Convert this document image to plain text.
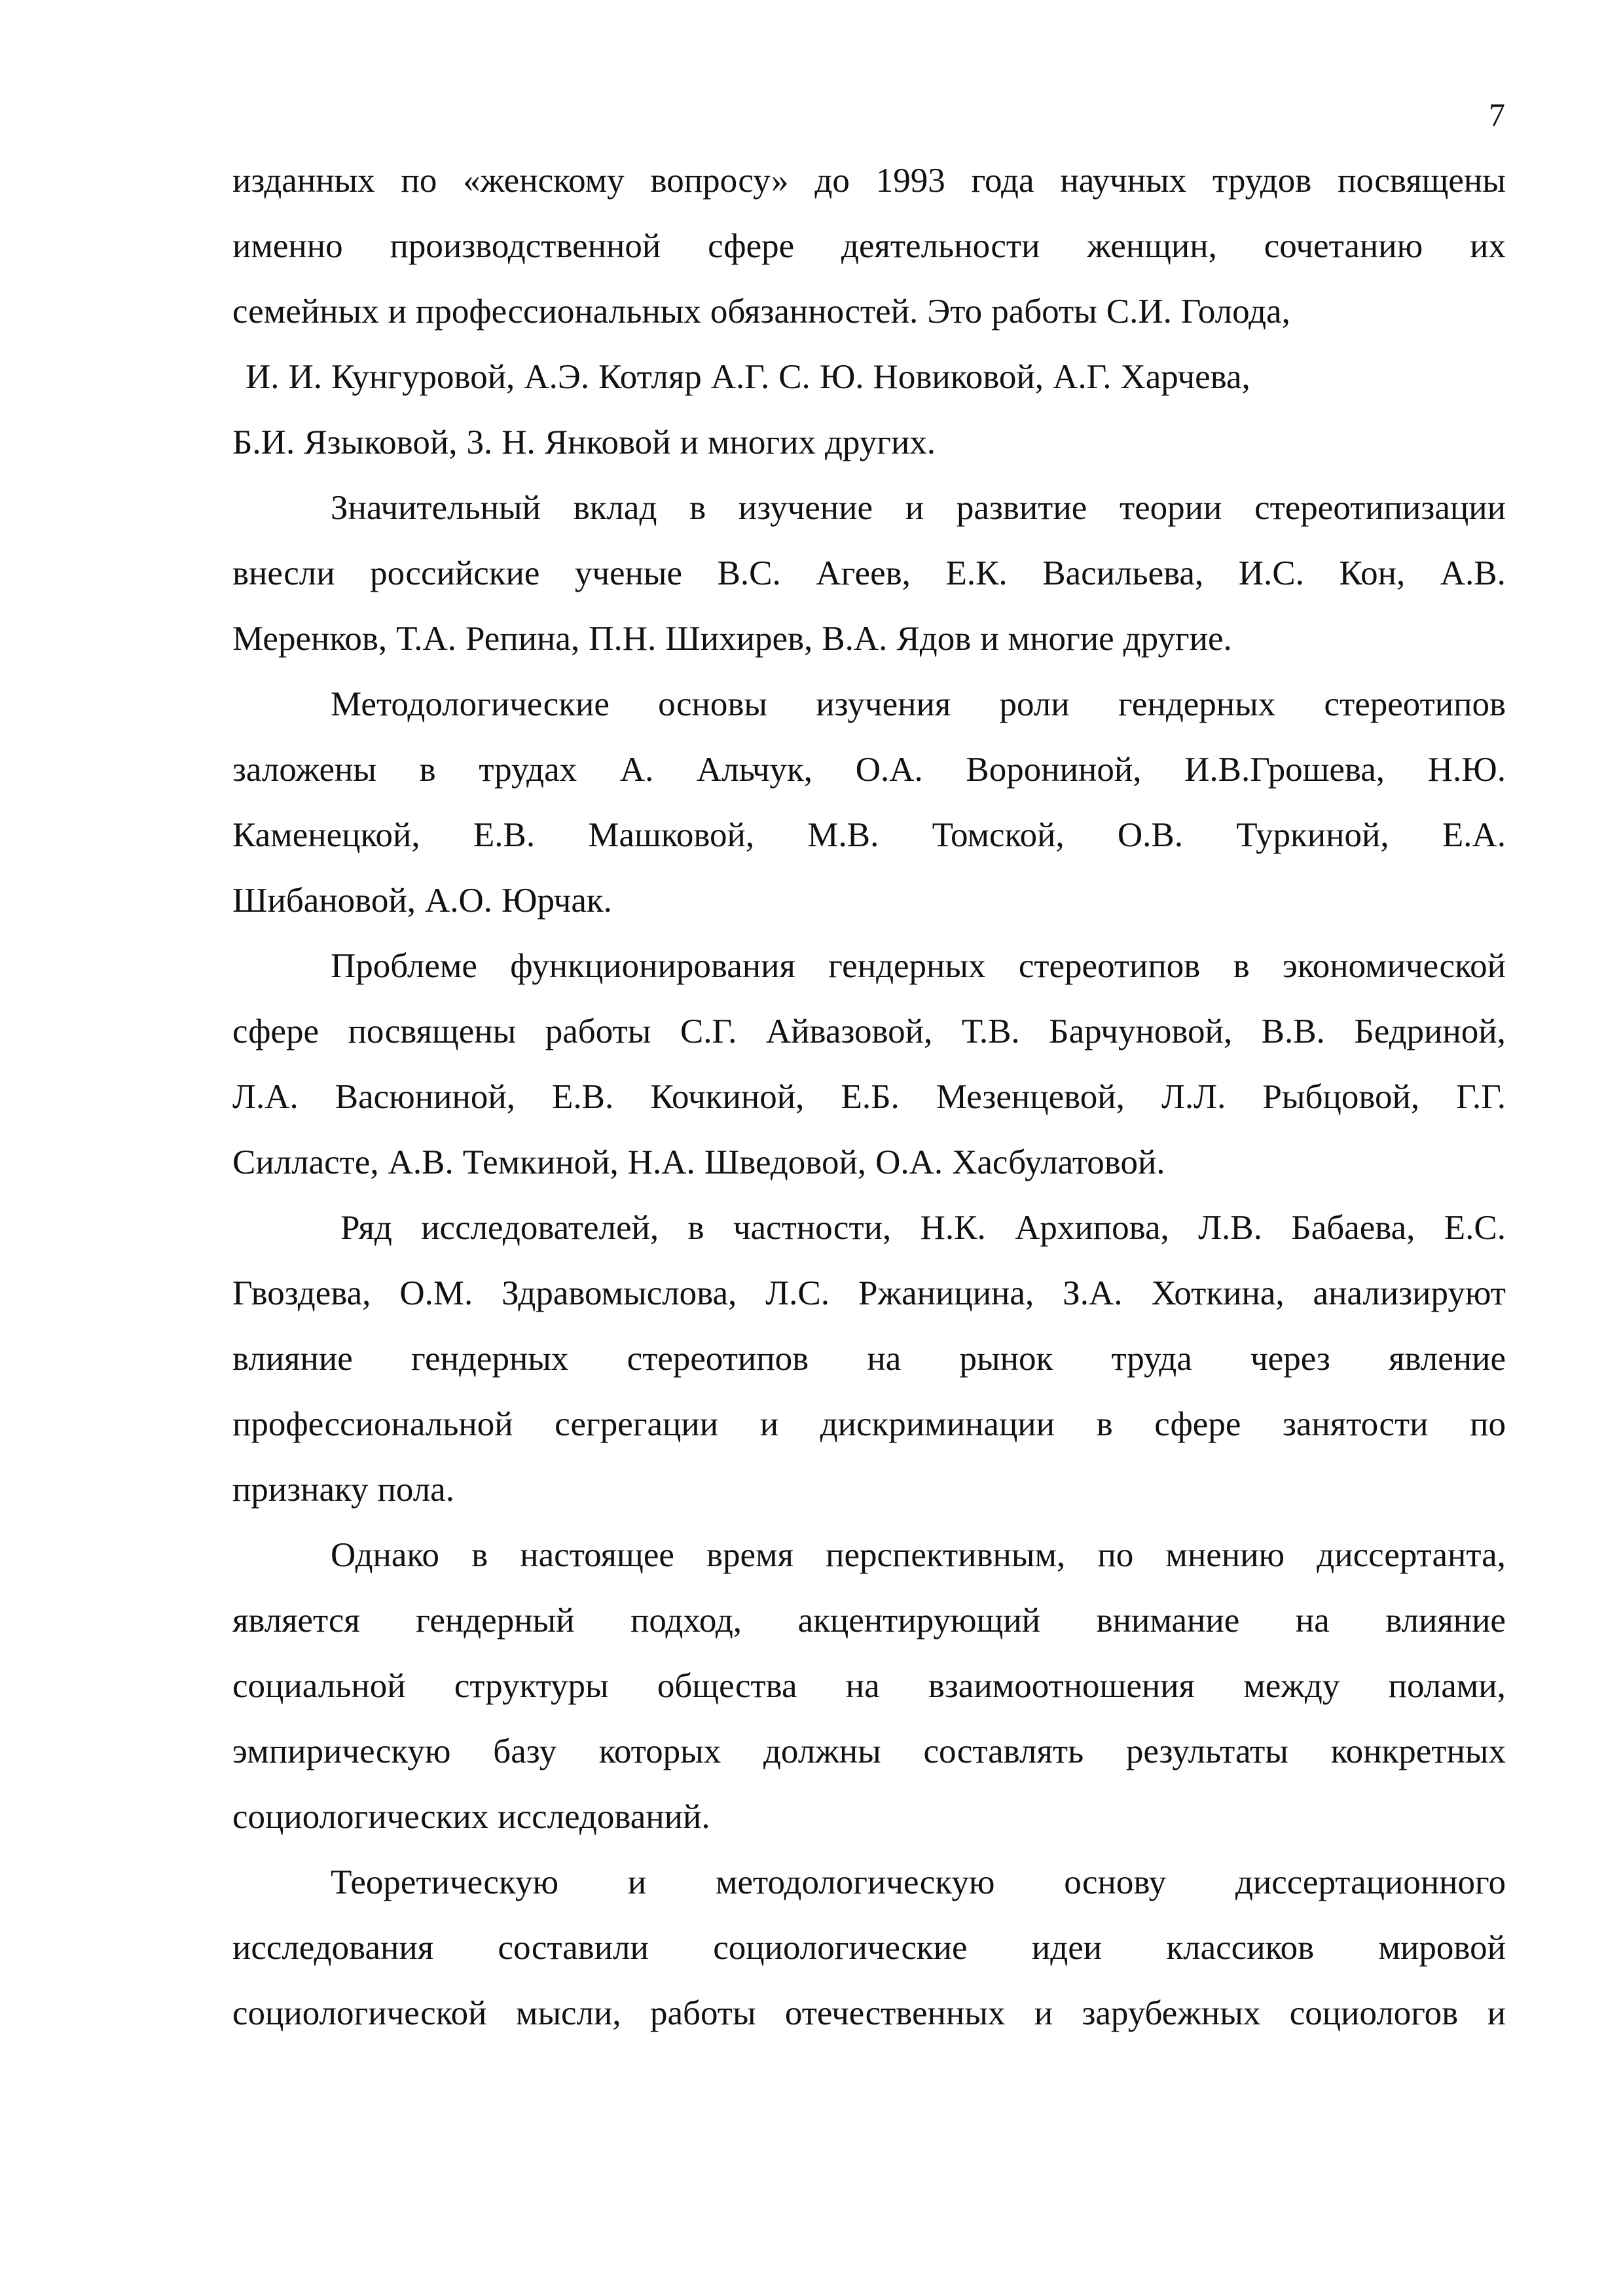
7
изданных по «женскому вопросу» до 1993 года научных трудов посвящены
именно производственной сфере деятельности женщин, сочетанию их
семейных и профессиональных обязанностей. Это работы С.И. Голода,
И. И. Кунгуровой, А.Э. Котляр А.Г. С. Ю. Новиковой, А.Г. Харчева,
Б.И. Языковой, 3. Н. Янковой и многих других.
Значительный вклад в изучение и развитие теории стереотипизации
внесли российские ученые В.С. Агеев, Е.К. Васильева, И.С. Кон, А.В.
Меренков, Т.А. Репина, П.Н. Шихирев, В.А. Ядов и многие другие.
Методологические основы изучения роли гендерных стереотипов
заложены в трудах А. Альчук, О.А. Ворониной, И.В.Грошева, Н.Ю.
Каменецкой, Е.В. Машковой, М.В. Томской, О.В. Туркиной, Е.А.
Шибановой, А.О. Юрчак.
Проблеме функционирования гендерных стереотипов в экономической
сфере посвящены работы С.Г. Айвазовой, Т.В. Барчуновой, В.В. Бедриной,
Л.А. Васюниной, Е.В. Кочкиной, Е.Б. Мезенцевой, Л.Л. Рыбцовой, Г.Г.
Силласте, А.В. Темкиной, Н.А. Шведовой, О.А. Хасбулатовой.
Ряд исследователей, в частности, Н.К. Архипова, Л.В. Бабаева, Е.С.
Гвоздева, О.М. Здравомыслова, Л.С. Ржаницина, З.А. Хоткина, анализируют
влияние гендерных стереотипов на рынок труда через явление
профессиональной сегрегации и дискриминации в сфере занятости по
признаку пола.
Однако в настоящее время перспективным, по мнению диссертанта,
является гендерный подход, акцентирующий внимание на влияние
социальной структуры общества на взаимоотношения между полами,
эмпирическую базу которых должны составлять результаты конкретных
социологических исследований.
Теоретическую и методологическую основу диссертационного
исследования составили социологические идеи классиков мировой
социологической мысли, работы отечественных и зарубежных социологов и
